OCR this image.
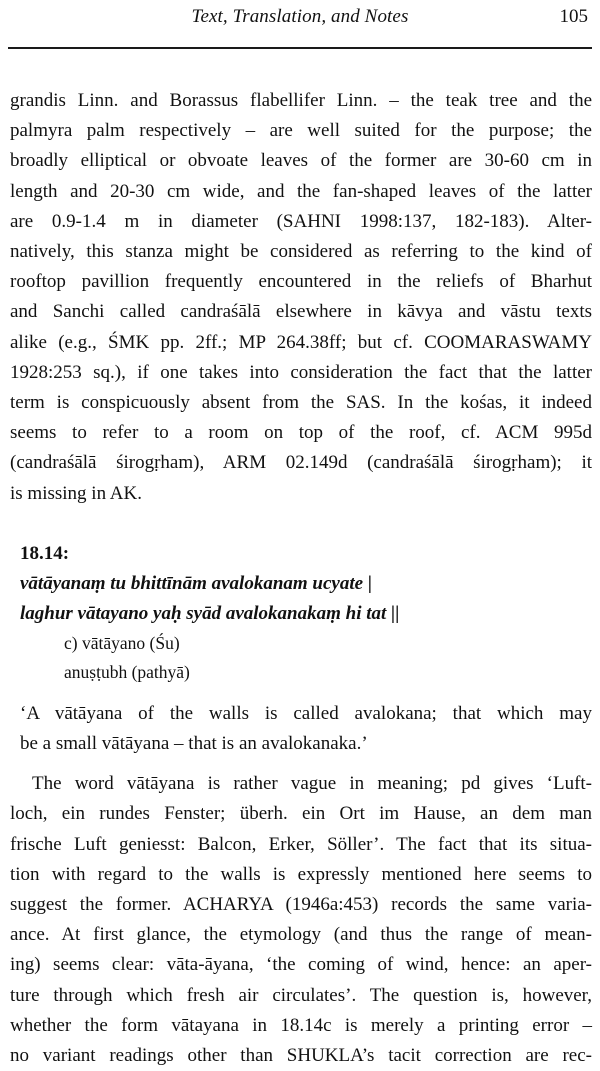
Text, Translation, and Notes	105
grandis Linn. and Borassus flabellifer Linn. – the teak tree and the
palmyra palm respectively – are well suited for the purpose; the
broadly elliptical or obvoate leaves of the former are 30-60 cm in
length and 20-30 cm wide, and the fan-shaped leaves of the latter
are 0.9-1.4 m in diameter (SAHNI 1998:137, 182-183). Alter-
natively, this stanza might be considered as referring to the kind of
rooftop pavillion frequently encountered in the reliefs of Bharhut
and Sanchi called candraśālā elsewhere in kāvya and vāstu texts
alike (e.g., ŚMK pp. 2ff.; MP 264.38ff; but cf. COOMARASWAMY
1928:253 sq.), if one takes into consideration the fact that the latter
term is conspicuously absent from the SAS. In the kośas, it indeed
seems to refer to a room on top of the roof, cf. ACM 995d
(candraśālā śirogṛham), ARM 02.149d (candraśālā śirogṛham); it
is missing in AK.
18.14:
vātāyanaṃ tu bhittīnām avalokanam ucyate |
laghur vātayano yaḥ syād avalokanakaṃ hi tat ||
c) vātāyano (Śu)
anuṣṭubh (pathyā)
‘A vātāyana of the walls is called avalokana; that which may
be a small vātāyana – that is an avalokanaka.’
The word vātāyana is rather vague in meaning; pd gives ‘Luft-
loch, ein rundes Fenster; überh. ein Ort im Hause, an dem man
frische Luft geniesst: Balcon, Erker, Söller’. The fact that its situa-
tion with regard to the walls is expressly mentioned here seems to
suggest the former. ACHARYA (1946a:453) records the same varia-
ance. At first glance, the etymology (and thus the range of mean-
ing) seems clear: vāta-āyana, ‘the coming of wind, hence: an aper-
ture through which fresh air circulates’. The question is, however,
whether the form vātayana in 18.14c is merely a printing error –
no variant readings other than SHUKLA’s tacit correction are rec-
